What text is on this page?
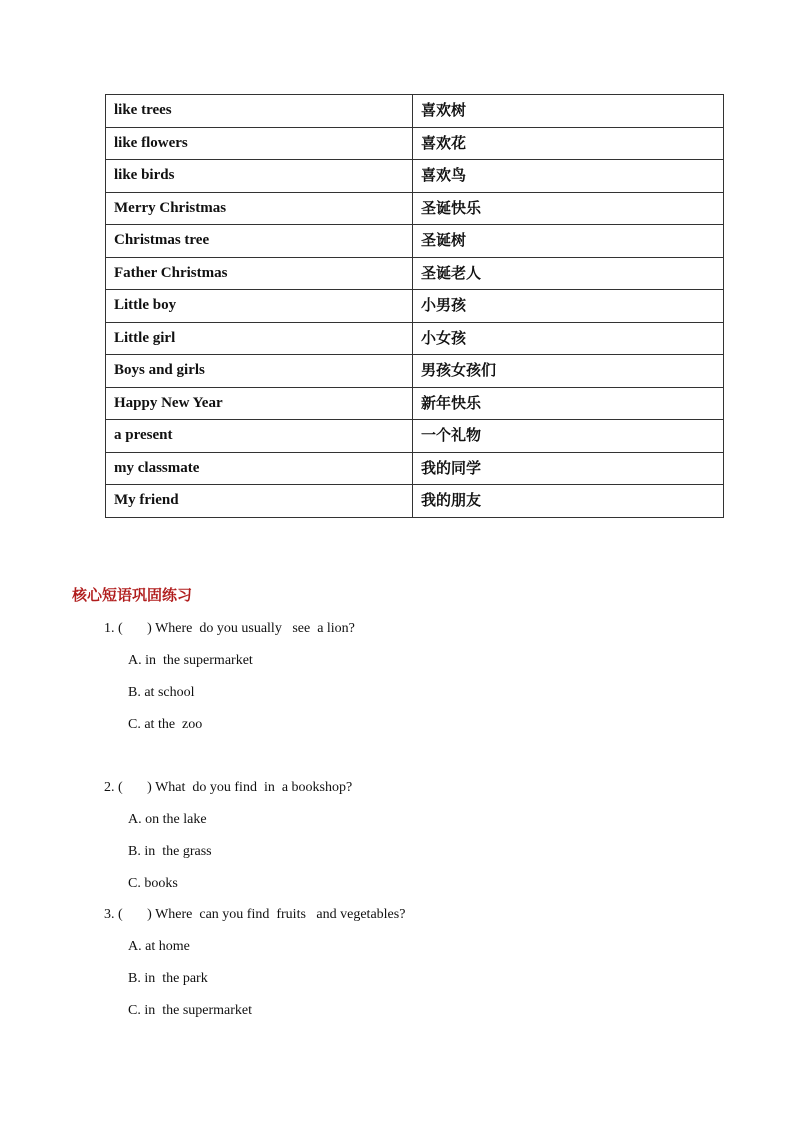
like trees	喜欢树
like flowers	喜欢花
like birds	喜欢鸟
Merry Christmas	圣诞快乐
Christmas tree	圣诞树
Father Christmas	圣诞老人
Little boy	小男孩
Little girl	小女孩
Boys and girls	男孩女孩们
Happy New Year	新年快乐
a present	一个礼物
my classmate	我的同学
My friend	我的朋友
核心短语巩固练习

1. (       ) Where  do you usually   see  a lion?

A. in  the supermarket

B. at school

C. at the  zoo

2. (       ) What  do you find  in  a bookshop?

A. on the lake

B. in  the grass

C. books

3. (       ) Where  can you find  fruits   and vegetables?

A. at home

B. in  the park

C. in  the supermarket
